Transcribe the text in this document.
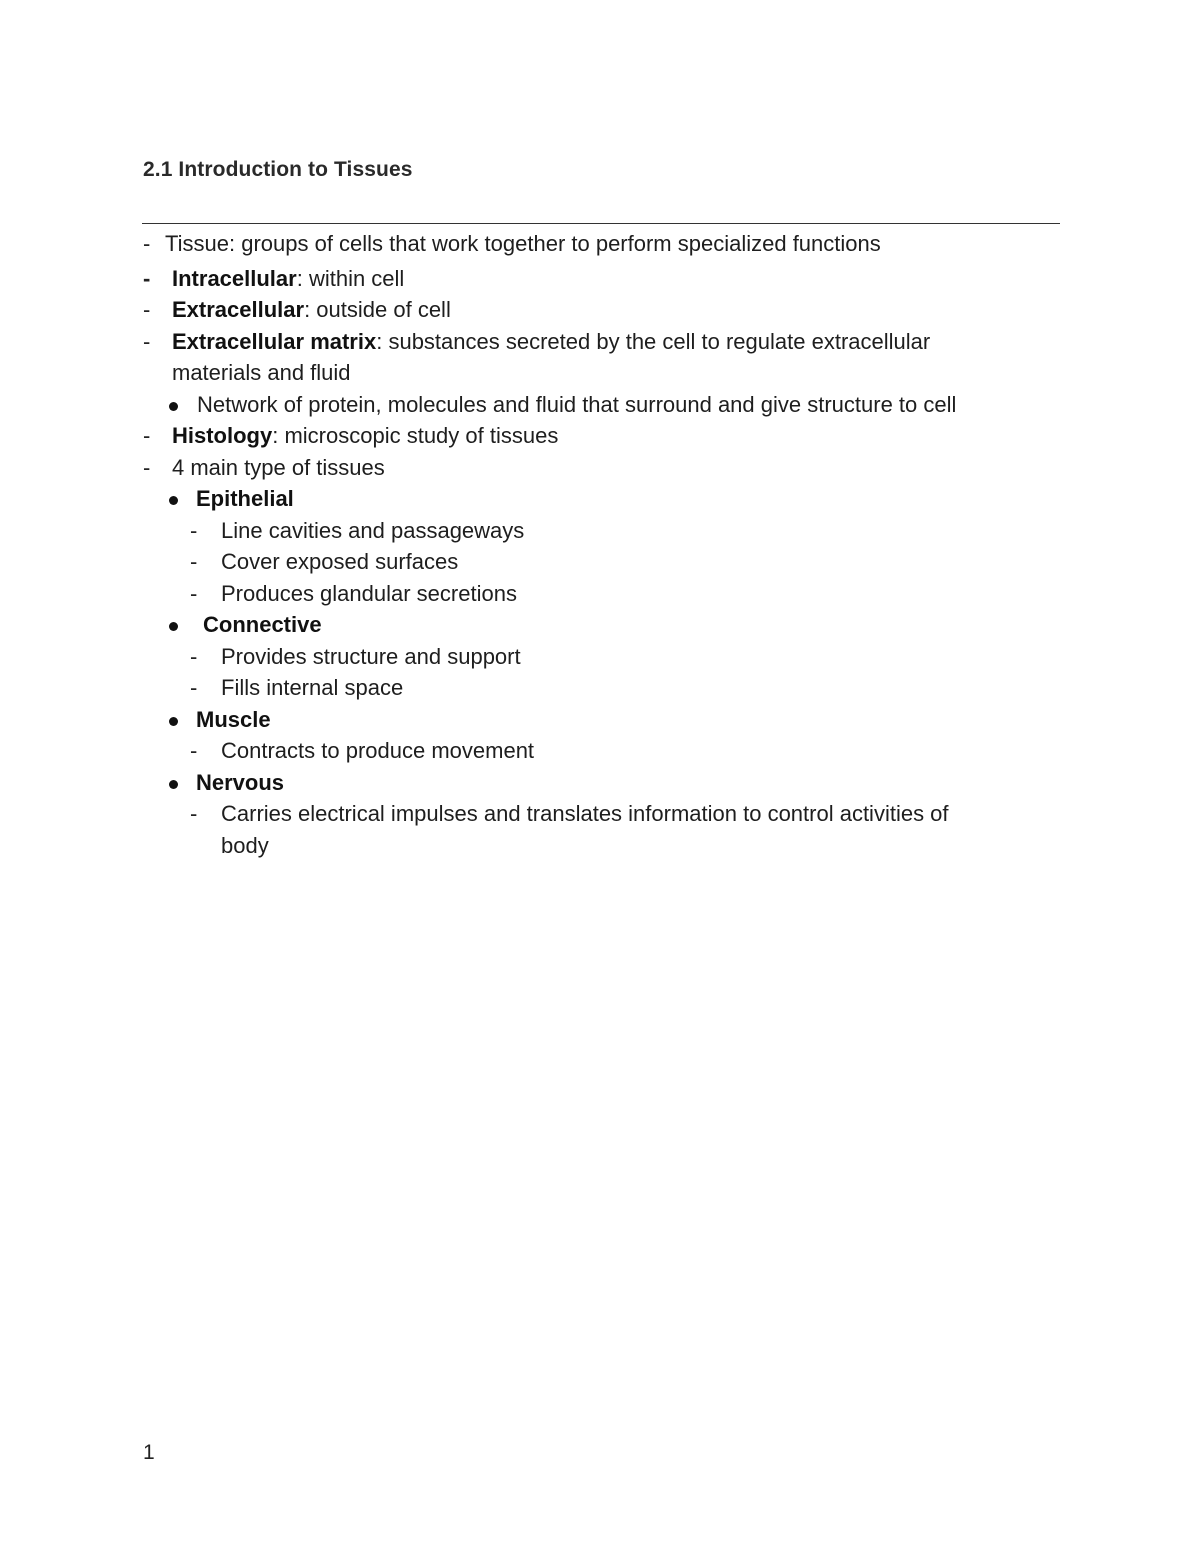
2.1 Introduction to Tissues
- Tissue: groups of cells that work together to perform specialized functions
- Intracellular: within cell
- Extracellular: outside of cell
- Extracellular matrix: substances secreted by the cell to regulate extracellular
materials and fluid
Network of protein, molecules and fluid that surround and give structure to cell
- Histology: microscopic study of tissues
- 4 main type of tissues
Epithelial
- Line cavities and passageways
- Cover exposed surfaces
- Produces glandular secretions
Connective
- Provides structure and support
- Fills internal space
Muscle
- Contracts to produce movement
Nervous
- Carries electrical impulses and translates information to control activities of
body
1
